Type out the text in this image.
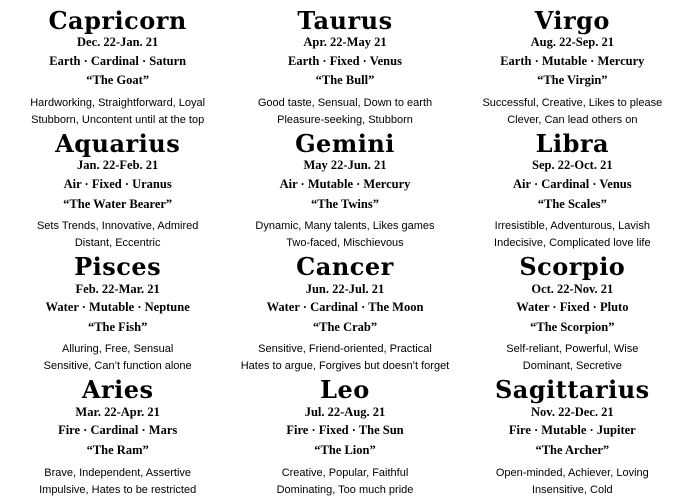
Capricorn
Dec. 22-Jan. 21
Earth · Cardinal · Saturn
“The Goat”
Hardworking, Straightforward, Loyal
Stubborn, Uncontent until at the top
Taurus
Apr. 22-May 21
Earth · Fixed · Venus
“The Bull”
Good taste, Sensual, Down to earth
Pleasure-seeking, Stubborn
Virgo
Aug. 22-Sep. 21
Earth · Mutable · Mercury
“The Virgin”
Successful, Creative, Likes to please
Clever, Can lead others on
Aquarius
Jan. 22-Feb. 21
Air · Fixed · Uranus
“The Water Bearer”
Sets Trends, Innovative, Admired
Distant, Eccentric
Gemini
May 22-Jun. 21
Air · Mutable · Mercury
“The Twins”
Dynamic, Many talents, Likes games
Two-faced, Mischievous
Libra
Sep. 22-Oct. 21
Air · Cardinal · Venus
“The Scales”
Irresistible, Adventurous, Lavish
Indecisive, Complicated love life
Pisces
Feb. 22-Mar. 21
Water · Mutable · Neptune
“The Fish”
Alluring, Free, Sensual
Sensitive, Can’t function alone
Cancer
Jun. 22-Jul. 21
Water · Cardinal · The Moon
“The Crab”
Sensitive, Friend-oriented, Practical
Hates to argue, Forgives but doesn’t forget
Scorpio
Oct. 22-Nov. 21
Water · Fixed · Pluto
“The Scorpion”
Self-reliant, Powerful, Wise
Dominant, Secretive
Aries
Mar. 22-Apr. 21
Fire · Cardinal · Mars
“The Ram”
Brave, Independent, Assertive
Impulsive, Hates to be restricted
Leo
Jul. 22-Aug. 21
Fire · Fixed · The Sun
“The Lion”
Creative, Popular, Faithful
Dominating, Too much pride
Sagittarius
Nov. 22-Dec. 21
Fire · Mutable · Jupiter
“The Archer”
Open-minded, Achiever, Loving
Insensitive, Cold
